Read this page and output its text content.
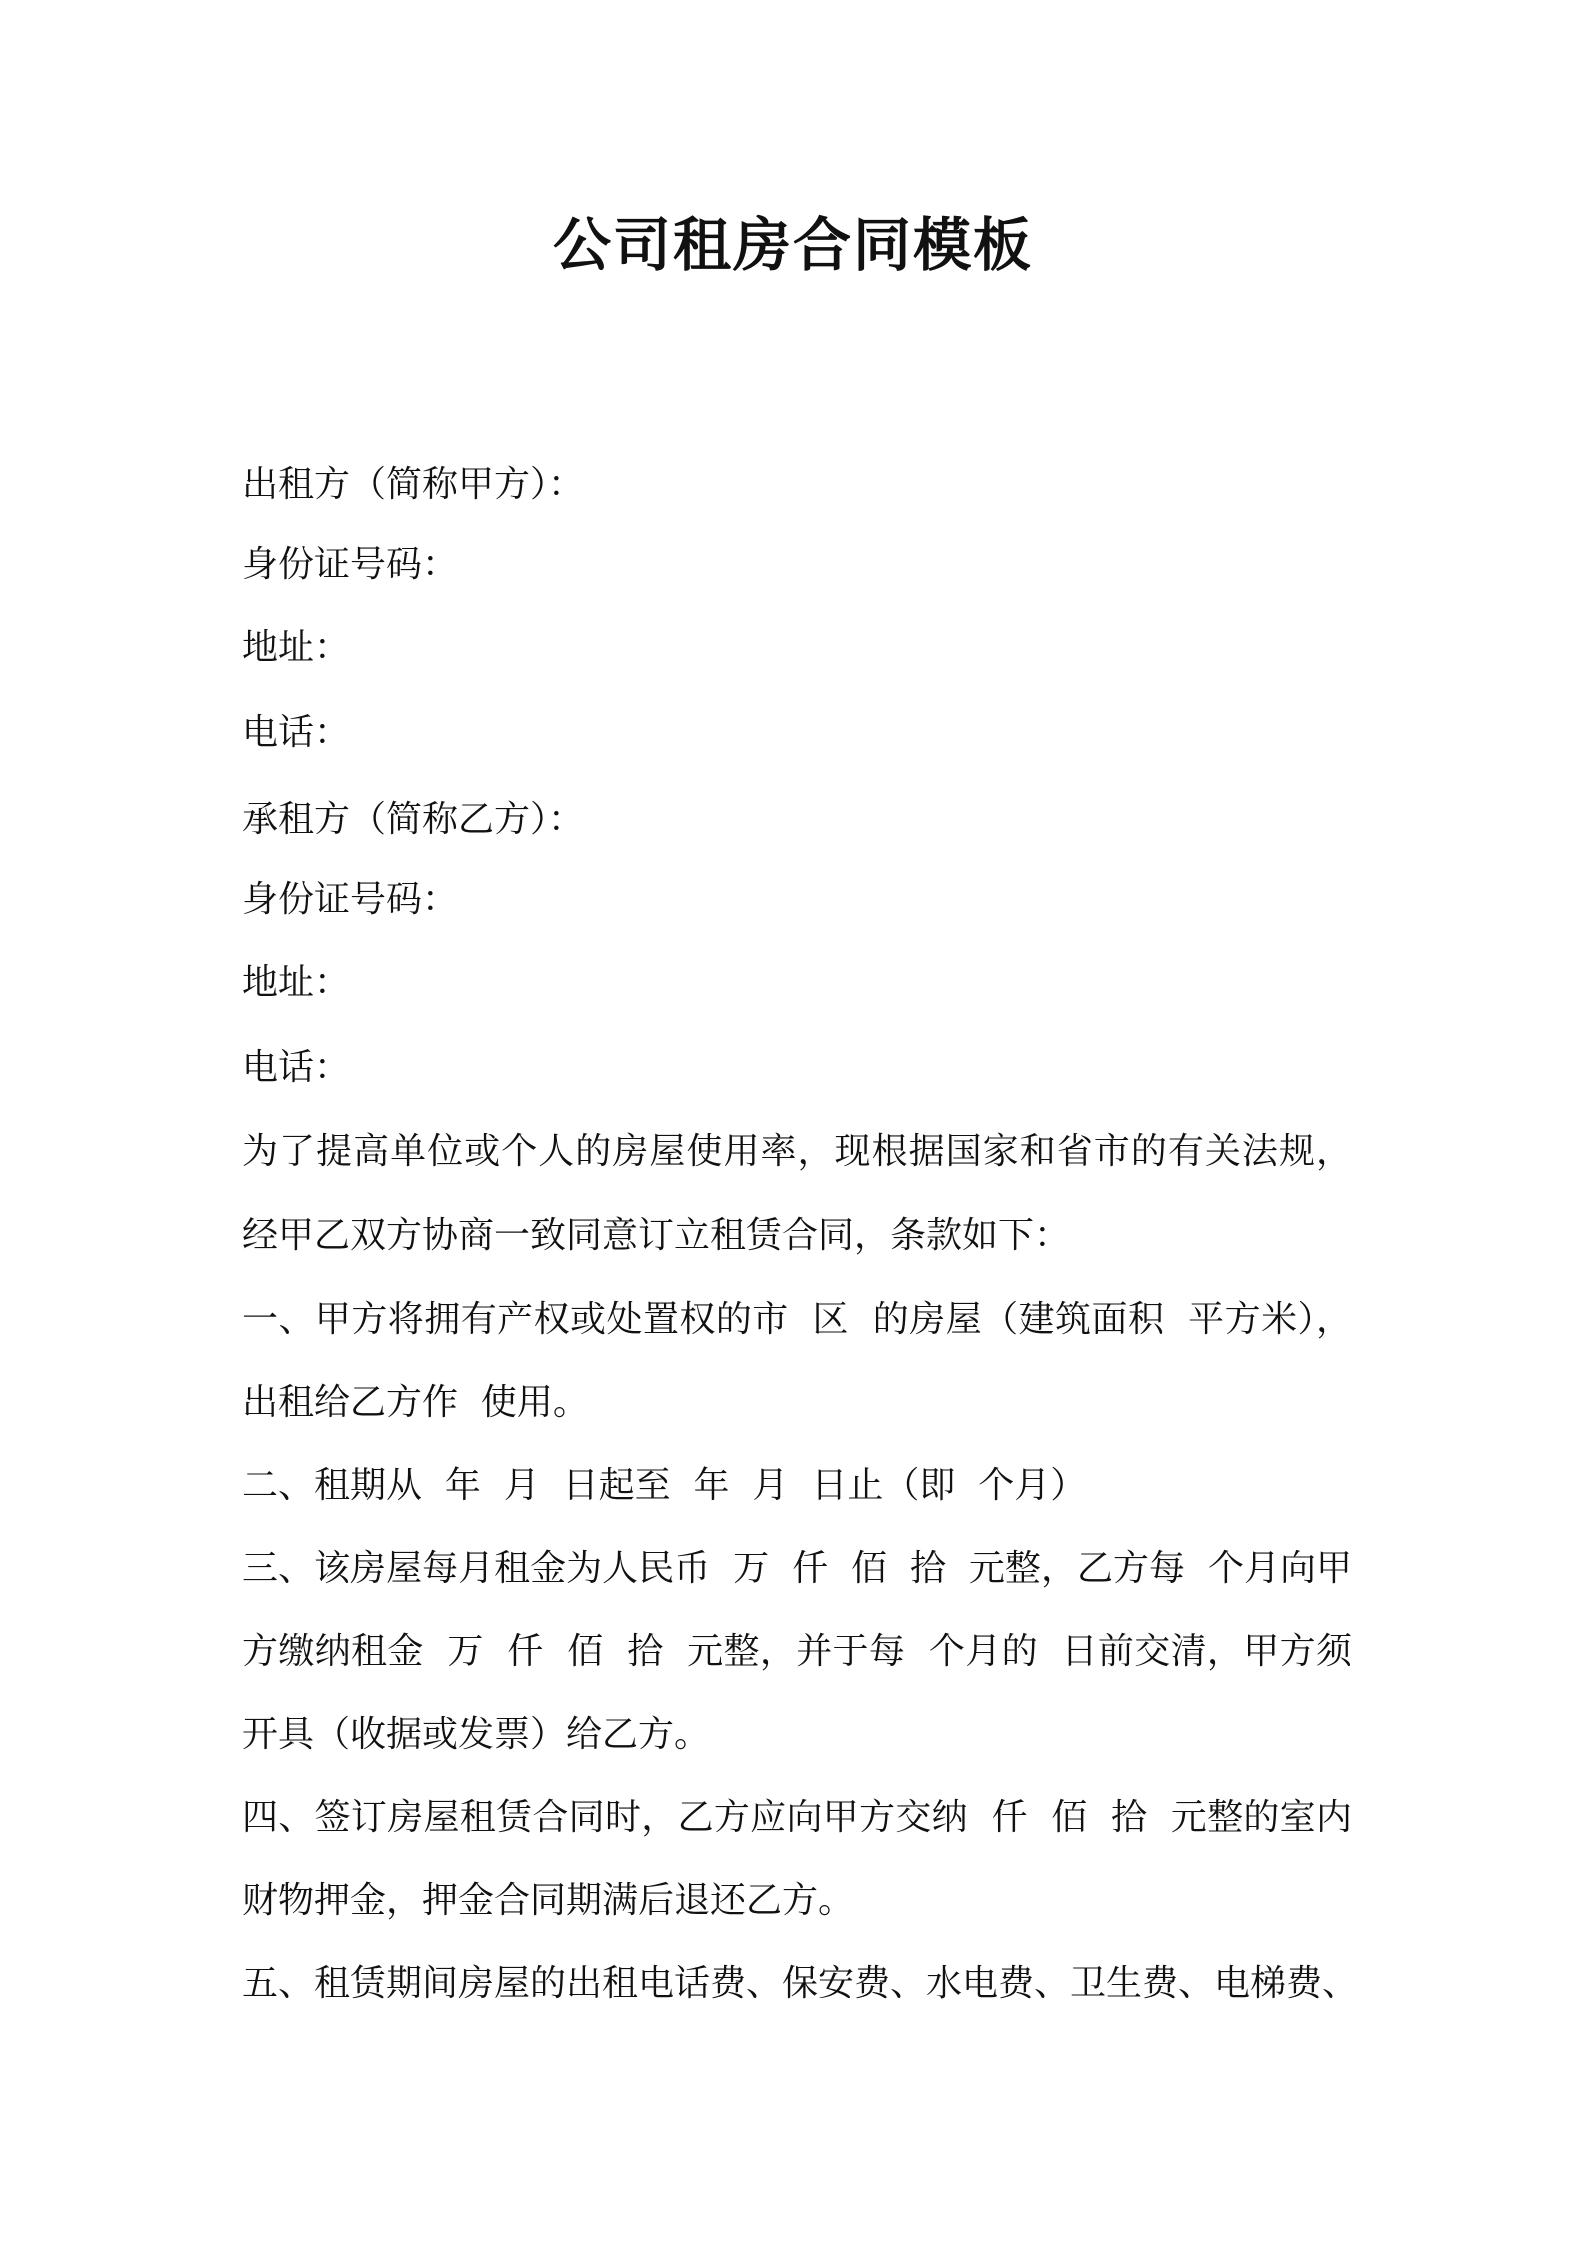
公司租房合同模板
出租方（简称甲方）：
身份证号码：
地址：
电话：
承租方（简称乙方）：
身份证号码：
地址：
电话：
为了提高单位或个人的房屋使用率，现根据国家和省市的有关法规，
经甲乙双方协商一致同意订立租赁合同，条款如下：
一、甲方将拥有产权或处置权的市  区  的房屋（建筑面积  平方米），
出租给乙方作  使用。
二、租期从  年  月  日起至  年  月  日止（即  个月）
三、该房屋每月租金为人民币  万  仟  佰  拾  元整，乙方每  个月向甲
方缴纳租金  万  仟  佰  拾  元整，并于每  个月的  日前交清，甲方须
开具（收据或发票）给乙方。
四、签订房屋租赁合同时，乙方应向甲方交纳  仟  佰  拾  元整的室内
财物押金，押金合同期满后退还乙方。
五、租赁期间房屋的出租电话费、保安费、水电费、卫生费、电梯费、
